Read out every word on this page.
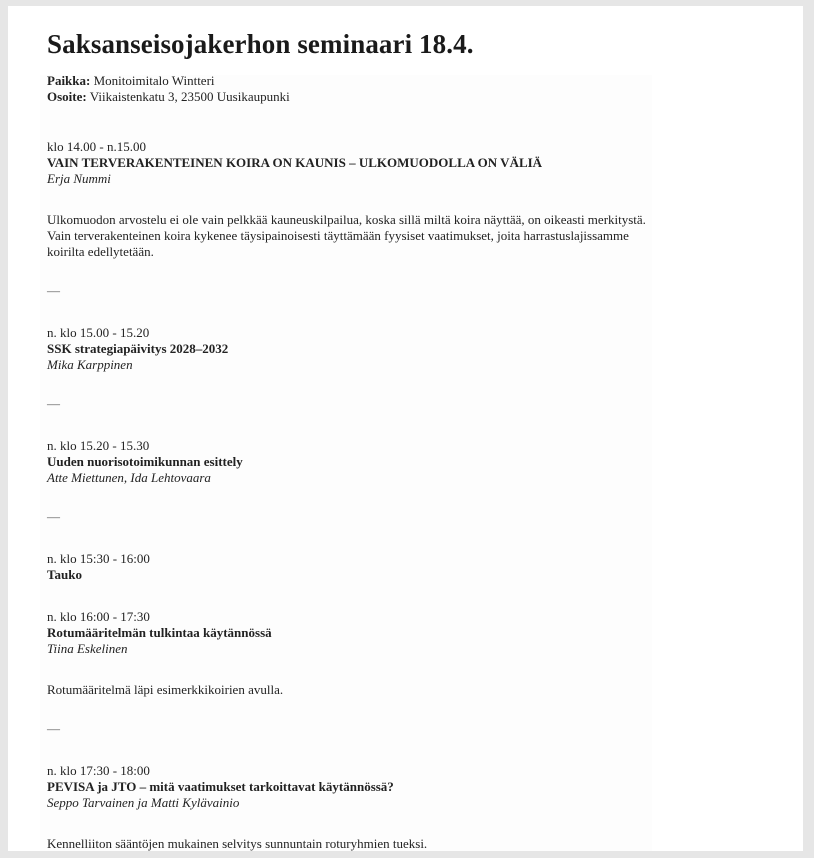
Saksanseisojakerhon seminaari 18.4.
Paikka: Monitoimitalo Wintteri
Osoite: Viikaistenkatu 3, 23500 Uusikaupunki
klo 14.00 - n.15.00
VAIN TERVERAKENTEINEN KOIRA ON KAUNIS – ULKOMUODOLLA ON VÄLIÄ
Erja Nummi
Ulkomuodon arvostelu ei ole vain pelkkää kauneuskilpailua, koska sillä miltä koira näyttää, on oikeasti merkitystä. Vain terverakenteinen koira kykenee täysipainoisesti täyttämään fyysiset vaatimukset, joita harrastuslajissamme koirilta edellytetään.
—
n. klo 15.00 - 15.20
SSK strategiapäivitys 2028–2032
Mika Karppinen
—
n. klo 15.20 - 15.30
Uuden nuorisotoimikunnan esittely
Atte Miettunen, Ida Lehtovaara
—
n. klo 15:30 - 16:00
Tauko
n. klo 16:00 - 17:30
Rotumääritelmän tulkintaa käytännössä
Tiina Eskelinen
Rotumääritelmä läpi esimerkkikoirien avulla.
—
n. klo 17:30 - 18:00
PEVISA ja JTO – mitä vaatimukset tarkoittavat käytännössä?
Seppo Tarvainen ja Matti Kylävainio
Kennelliiton sääntöjen mukainen selvitys sunnuntain roturyhmien tueksi.
